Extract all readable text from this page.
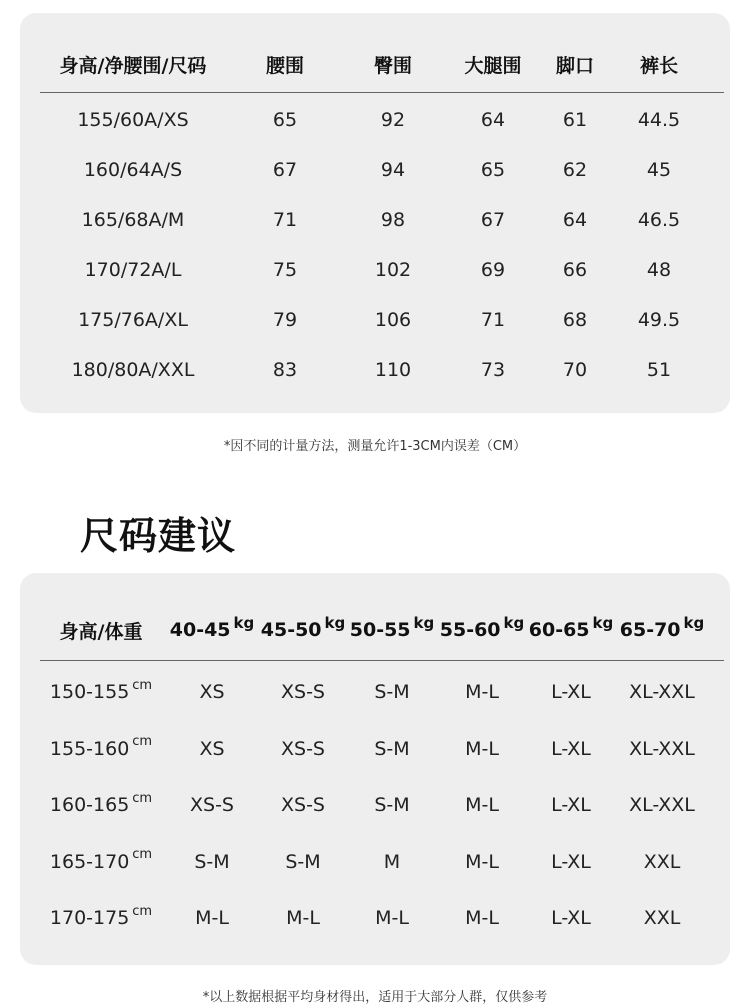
身高/净腰围/尺码	腰围	臀围	大腿围	脚口	裤长
155/60A/XS	65	92	64	61	44.5
160/64A/S	67	94	65	62	45
165/68A/M	71	98	67	64	46.5
170/72A/L	75	102	69	66	48
175/76A/XL	79	106	71	68	49.5
180/80A/XXL	83	110	73	70	51
*因不同的计量方法，测量允许1-3CM内误差（CM）
尺码建议
身高/体重	40-45 kg 45-50 kg 50-55 kg 55-60 kg 60-65 kg 65-70 kg
150-155 cm	XS	XS-S	S-M	M-L	L-XL	XL-XXL
155-160 cm	XS	XS-S	S-M	M-L	L-XL	XL-XXL
160-165 cm	XS-S	XS-S	S-M	M-L	L-XL	XL-XXL
165-170 cm	S-M	S-M	M	M-L	L-XL	XXL
170-175 cm	M-L	M-L	M-L	M-L	L-XL	XXL
*以上数据根据平均身材得出，适用于大部分人群，仅供参考
